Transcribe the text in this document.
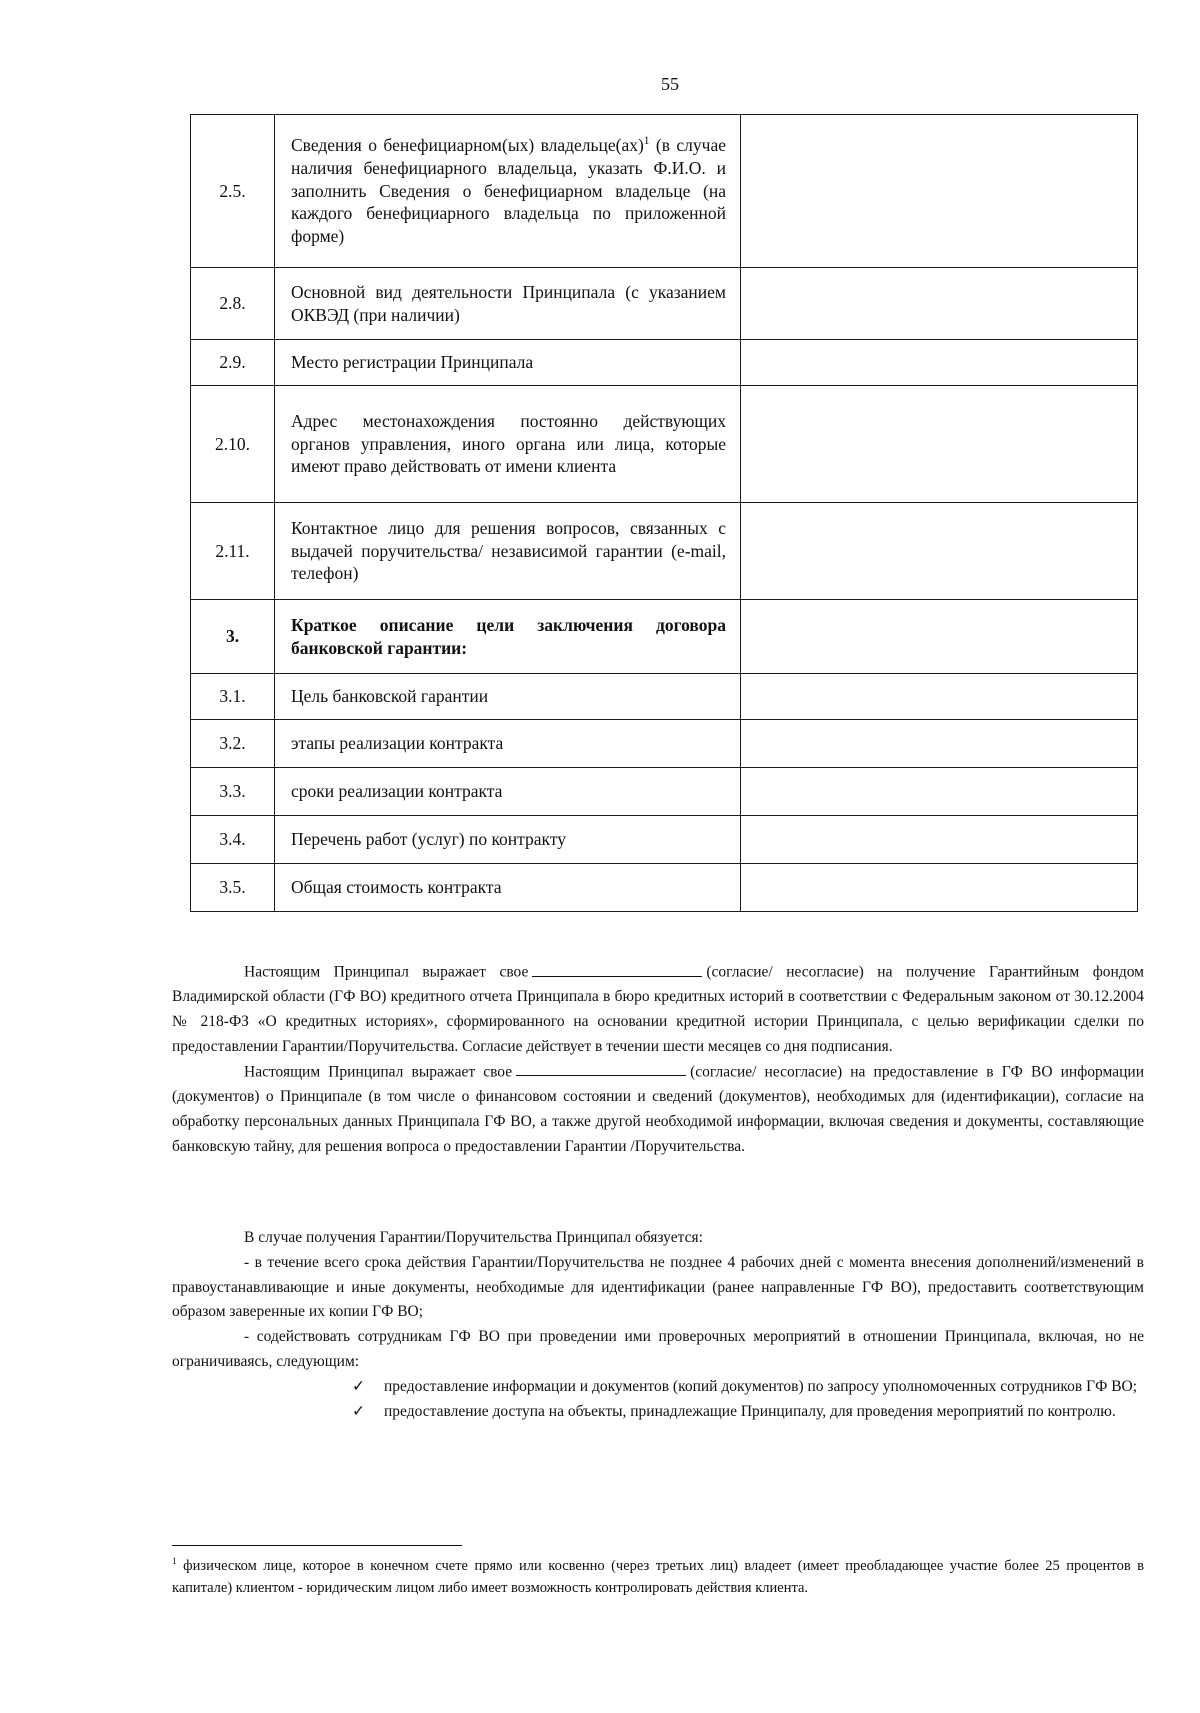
55
2.5.	Сведения о бенефициарном(ых) владельце(ах)$^1$ (в случае наличия бенефициарного владельца, указать Ф.И.О. и заполнить Сведения о бенефициарном владельце (на каждого бенефициарного владельца по приложенной форме)	
2.8.	Основной вид деятельности Принципала (с указанием ОКВЭД (при наличии)	
2.9.	Место регистрации Принципала	
2.10.	Адрес местонахождения постоянно действующих органов управления, иного органа или лица, которые имеют право действовать от имени клиента	
2.11.	Контактное лицо для решения вопросов, связанных с выдачей поручительства/ независимой гарантии (e-mail, телефон)	
3.	Краткое описание цели заключения договора банковской гарантии:	
3.1.	Цель банковской гарантии	
3.2.	этапы реализации контракта	
3.3.	сроки реализации контракта	
3.4.	Перечень работ (услуг) по контракту	
3.5.	Общая стоимость контракта	

Настоящим Принципал выражает свое	(согласие/ несогласие) на получение Гарантийным фондом Владимирской области (ГФ ВО) кредитного отчета Принципала в бюро кредитных историй в соответствии с Федеральным законом от 30.12.2004 № 218-ФЗ «О кредитных историях», сформированного на основании кредитной истории Принципала, с целью верификации сделки по предоставлении Гарантии/Поручительства. Согласие действует в течении шести месяцев со дня подписания.

Настоящим Принципал выражает свое	(согласие/ несогласие) на предоставление в ГФ ВО информации (документов) о Принципале (в том числе о финансовом состоянии и сведений (документов), необходимых для (идентификации), согласие на обработку персональных данных Принципала ГФ ВО, а также другой необходимой информации, включая сведения и документы, составляющие банковскую тайну, для решения вопроса о предоставлении Гарантии /Поручительства.

В случае получения Гарантии/Поручительства Принципал обязуется:

- в течение всего срока действия Гарантии/Поручительства не позднее 4 рабочих дней с момента внесения дополнений/изменений в правоустанавливающие и иные документы, необходимые для идентификации (ранее направленные ГФ ВО), предоставить соответствующим образом заверенные их копии ГФ ВО;

- содействовать сотрудникам ГФ ВО при проведении ими проверочных мероприятий в отношении Принципала, включая, но не ограничиваясь, следующим:

✓ предоставление информации и документов (копий документов) по запросу уполномоченных сотрудников ГФ ВО;

✓ предоставление доступа на объекты, принадлежащие Принципалу, для проведения мероприятий по контролю.

$^1$ физическом лице, которое в конечном счете прямо или косвенно (через третьих лиц) владеет (имеет преобладающее участие более 25 процентов в капитале) клиентом - юридическим лицом либо имеет возможность контролировать действия клиента.
